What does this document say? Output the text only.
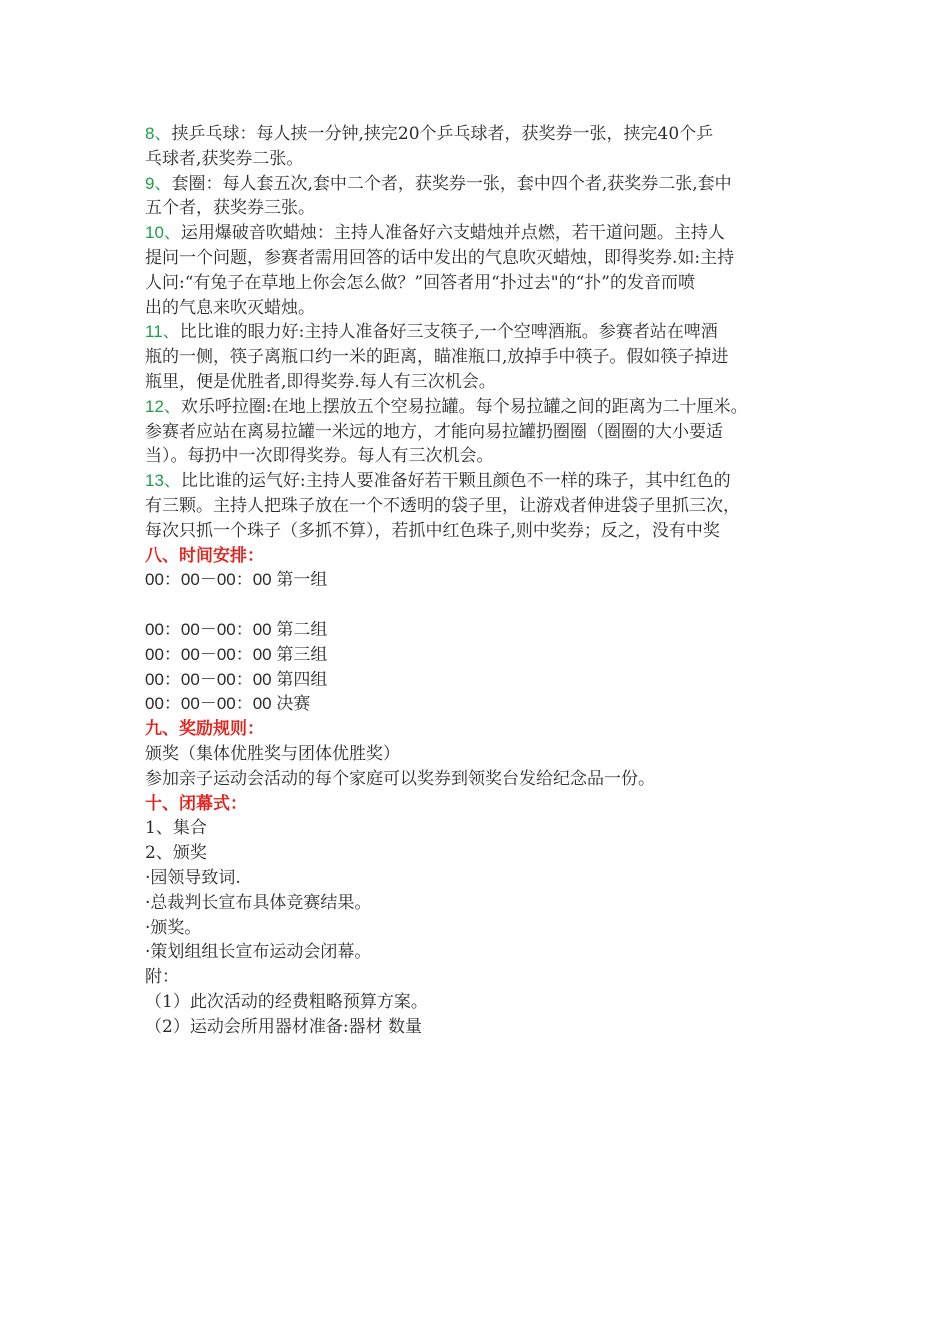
8、挟乒乓球：每人挟一分钟,挟完20个乒乓球者，获奖券一张，挟完40个乒
乓球者,获奖券二张。
9、套圈：每人套五次,套中二个者，获奖券一张，套中四个者,获奖券二张,套中
五个者，获奖券三张。
10、运用爆破音吹蜡烛：主持人准备好六支蜡烛并点燃，若干道问题。主持人
提问一个问题，参赛者需用回答的话中发出的气息吹灭蜡烛，即得奖券.如:主持
人问:“有兔子在草地上你会怎么做？”回答者用“扑过去"的“扑”的发音而喷
出的气息来吹灭蜡烛。
11、比比谁的眼力好:主持人准备好三支筷子,一个空啤酒瓶。参赛者站在啤酒
瓶的一侧，筷子离瓶口约一米的距离，瞄准瓶口,放掉手中筷子。假如筷子掉进
瓶里，便是优胜者,即得奖券.每人有三次机会。
12、欢乐呼拉圈:在地上摆放五个空易拉罐。每个易拉罐之间的距离为二十厘米。
参赛者应站在离易拉罐一米远的地方，才能向易拉罐扔圈圈（圈圈的大小要适
当）。每扔中一次即得奖券。每人有三次机会。
13、比比谁的运气好:主持人要准备好若干颗且颜色不一样的珠子，其中红色的
有三颗。主持人把珠子放在一个不透明的袋子里，让游戏者伸进袋子里抓三次，
每次只抓一个珠子（多抓不算），若抓中红色珠子,则中奖券；反之，没有中奖
八、时间安排：
00：00－00：00 第一组
00：00－00：00 第二组
00：00－00：00 第三组
00：00－00：00 第四组
00：00－00：00 决赛
九、奖励规则：
颁奖（集体优胜奖与团体优胜奖）
参加亲子运动会活动的每个家庭可以奖券到领奖台发给纪念品一份。
十、闭幕式：
1、集合
2、颁奖
·园领导致词.
·总裁判长宣布具体竞赛结果。
·颁奖。
·策划组组长宣布运动会闭幕。
附：
（1）此次活动的经费粗略预算方案。
（2）运动会所用器材准备:器材 数量
